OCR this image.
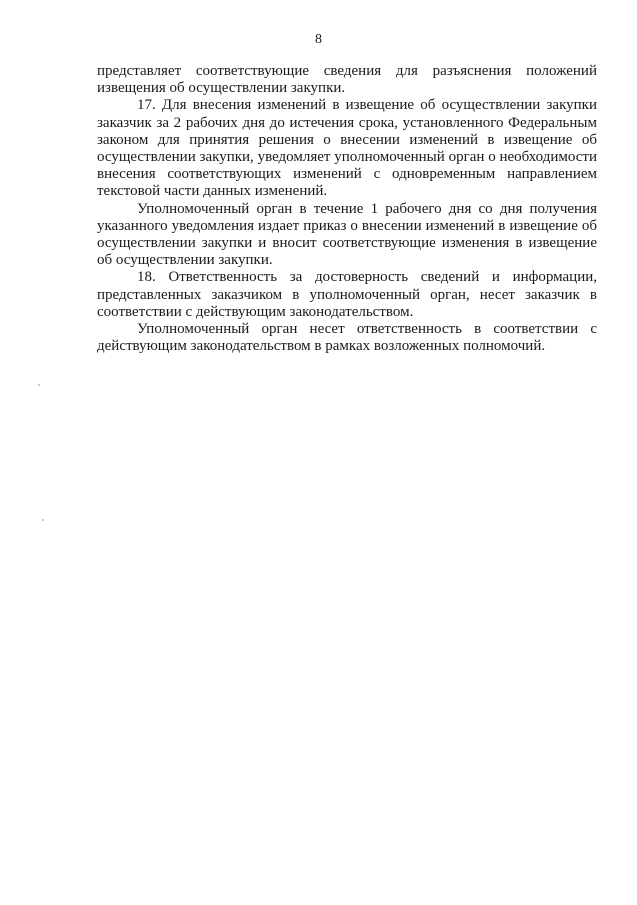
8

представляет соответствующие сведения для разъяснения положений извещения об осуществлении закупки.

17. Для внесения изменений в извещение об осуществлении закупки заказчик за 2 рабочих дня до истечения срока, установленного Федеральным законом для принятия решения о внесении изменений в извещение об осуществлении закупки, уведомляет уполномоченный орган о необходимости внесения соответствующих изменений с одновременным направлением текстовой части данных изменений.

Уполномоченный орган в течение 1 рабочего дня со дня получения указанного уведомления издает приказ о внесении изменений в извещение об осуществлении закупки и вносит соответствующие изменения в извещение об осуществлении закупки.

18. Ответственность за достоверность сведений и информации, представленных заказчиком в уполномоченный орган, несет заказчик в соответствии с действующим законодательством.

Уполномоченный орган несет ответственность в соответствии с действующим законодательством в рамках возложенных полномочий.
